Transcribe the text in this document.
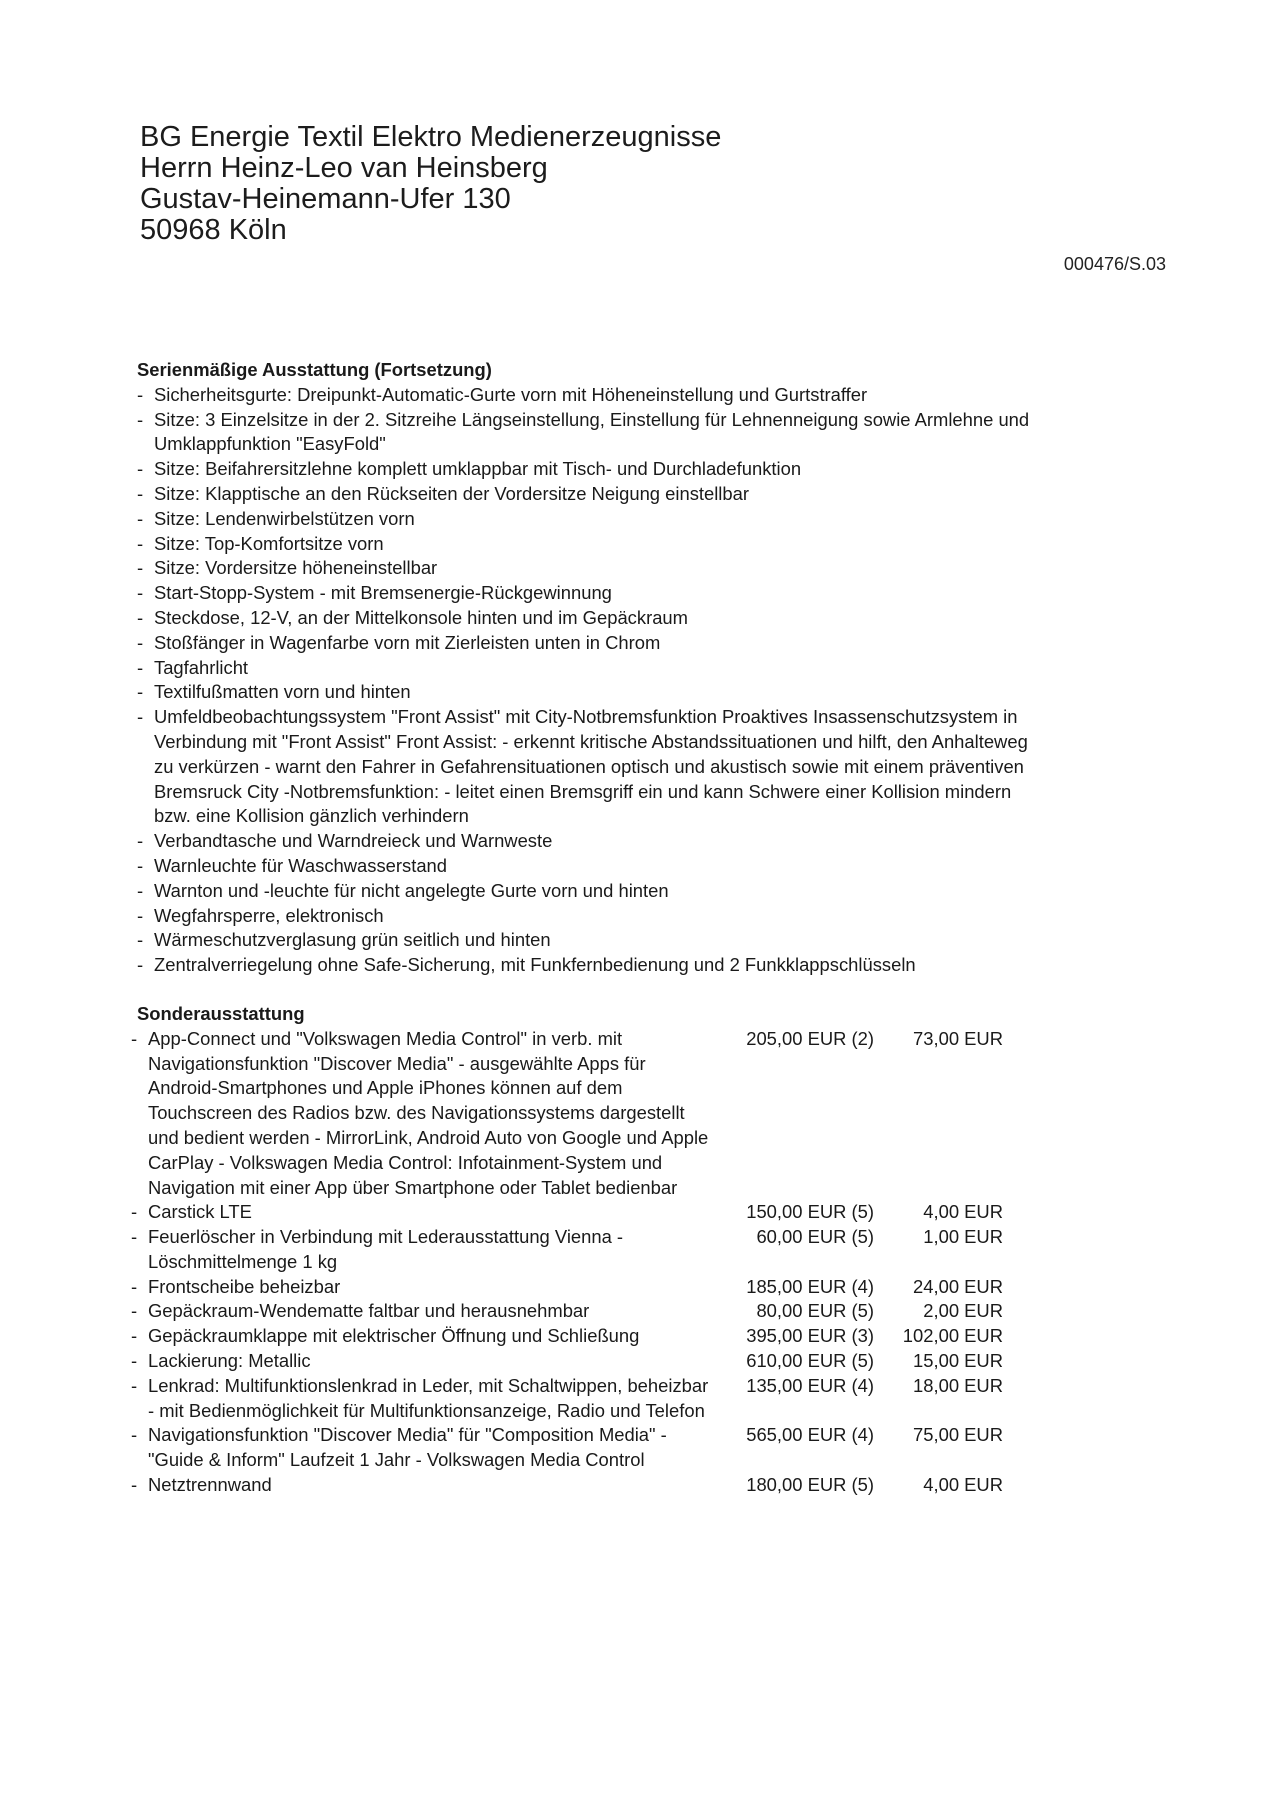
BG Energie Textil Elektro Medienerzeugnisse
Herrn Heinz-Leo van Heinsberg
Gustav-Heinemann-Ufer 130
50968 Köln
000476/S.03
Serienmäßige Ausstattung (Fortsetzung)
- Sicherheitsgurte: Dreipunkt-Automatic-Gurte vorn mit Höheneinstellung und Gurtstraffer
- Sitze: 3 Einzelsitze in der 2. Sitzreihe Längseinstellung, Einstellung für Lehnenneigung sowie Armlehne und Umklappfunktion "EasyFold"
- Sitze: Beifahrersitzlehne komplett umklappbar mit Tisch- und Durchladefunktion
- Sitze: Klapptische an den Rückseiten der Vordersitze Neigung einstellbar
- Sitze: Lendenwirbelstützen vorn
- Sitze: Top-Komfortsitze vorn
- Sitze: Vordersitze höheneinstellbar
- Start-Stopp-System - mit Bremsenergie-Rückgewinnung
- Steckdose, 12-V, an der Mittelkonsole hinten und im Gepäckraum
- Stoßfänger in Wagenfarbe vorn mit Zierleisten unten in Chrom
- Tagfahrlicht
- Textilfußmatten vorn und hinten
- Umfeldbeobachtungssystem "Front Assist" mit City-Notbremsfunktion Proaktives Insassenschutzsystem in Verbindung mit "Front Assist" Front Assist: - erkennt kritische Abstandssituationen und hilft, den Anhalteweg zu verkürzen - warnt den Fahrer in Gefahrensituationen optisch und akustisch sowie mit einem präventiven Bremsruck City -Notbremsfunktion: - leitet einen Bremsgriff ein und kann Schwere einer Kollision mindern bzw. eine Kollision gänzlich verhindern
- Verbandtasche und Warndreieck und Warnweste
- Warnleuchte für Waschwasserstand
- Warnton und -leuchte für nicht angelegte Gurte vorn und hinten
- Wegfahrsperre, elektronisch
- Wärmeschutzverglasung grün seitlich und hinten
- Zentralverriegelung ohne Safe-Sicherung, mit Funkfernbedienung und 2 Funkklappschlüsseln
Sonderausstattung
- App-Connect und "Volkswagen Media Control" in verb. mit Navigationsfunktion "Discover Media" - ausgewählte Apps für Android-Smartphones und Apple iPhones können auf dem Touchscreen des Radios bzw. des Navigationssystems dargestellt und bedient werden - MirrorLink, Android Auto von Google und Apple CarPlay - Volkswagen Media Control: Infotainment-System und Navigation mit einer App über Smartphone oder Tablet bedienbar
205,00 EUR (2)	73,00 EUR
- Carstick LTE	150,00 EUR (5)	4,00 EUR
- Feuerlöscher in Verbindung mit Lederausstattung Vienna - Löschmittelmenge 1 kg
60,00 EUR (5)	1,00 EUR
- Frontscheibe beheizbar	185,00 EUR (4)	24,00 EUR
- Gepäckraum-Wendematte faltbar und herausnehmbar	80,00 EUR (5)	2,00 EUR
- Gepäckraumklappe mit elektrischer Öffnung und Schließung	395,00 EUR (3)	102,00 EUR
- Lackierung: Metallic	610,00 EUR (5)	15,00 EUR
- Lenkrad: Multifunktionslenkrad in Leder, mit Schaltwippen, beheizbar - mit Bedienmöglichkeit für Multifunktionsanzeige, Radio und Telefon
135,00 EUR (4)	18,00 EUR
- Navigationsfunktion "Discover Media" für "Composition Media" - "Guide & Inform" Laufzeit 1 Jahr - Volkswagen Media Control
565,00 EUR (4)	75,00 EUR
- Netztrennwand	180,00 EUR (5)	4,00 EUR
